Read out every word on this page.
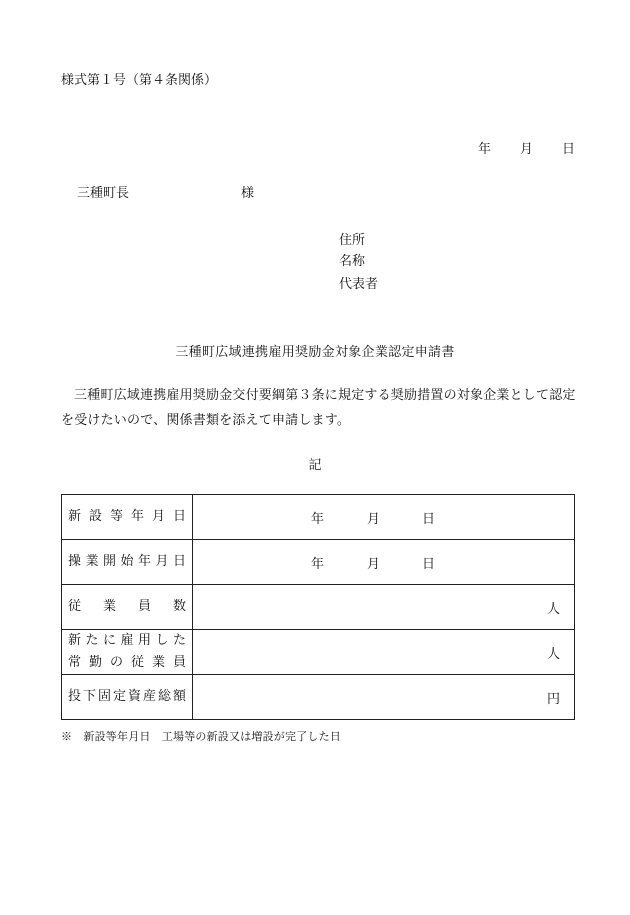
様式第１号（第４条関係）
年 月 日
三種町長	様
住所
名称
代表者
三種町広域連携雇用奨励金対象企業認定申請書
三種町広域連携雇用奨励金交付要綱第３条に規定する奨励措置の対象企業として認定を受けたいので、関係書類を添えて申請します。
記
新設等年月日	年 月 日

操業開始年月日	年 月 日

従業員数	人

新たに雇用した
常勤の従業員	人

投下固定資産総額	円
※　新設等年月日　工場等の新設又は増設が完了した日
